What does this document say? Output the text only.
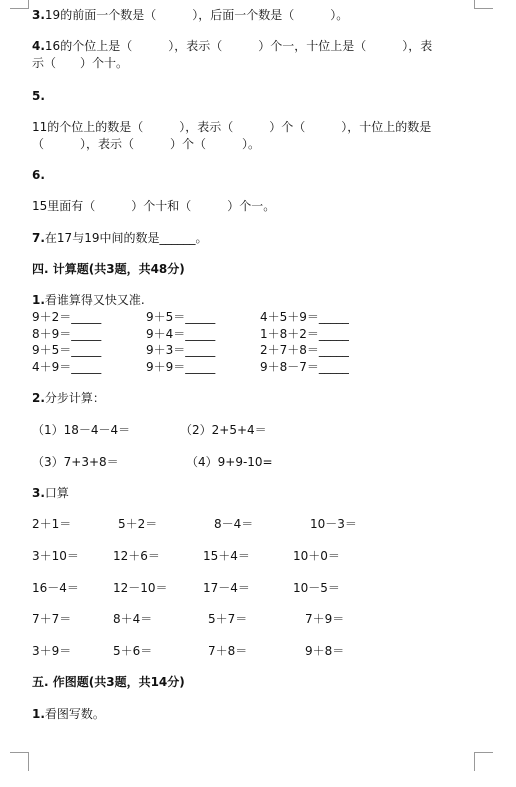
3.19的前面一个数是（　　　），后面一个数是（　　　）。
4.16的个位上是（　　　），表示（　　　）个一，十位上是（　　　），表
示（　　）个十。
5.
11的个位上的数是（　　　），表示（　　　）个（　　　），十位上的数是
（　　　），表示（　　　）个（　　　）。
6.
15里面有（　　　）个十和（　　　）个一。
7.在17与19中间的数是______。
四. 计算题(共3题，共48分)
1.看谁算得又快又准.
9＋2＝_____	9＋5＝_____	4＋5＋9＝_____
8＋9＝_____	9＋4＝_____	1＋8＋2＝_____
9＋5＝_____	9＋3＝_____	2＋7＋8＝_____
4＋9＝_____	9＋9＝_____	9＋8－7＝_____
2.分步计算：
（1）18－4－4＝	（2）2+5+4＝
（3）7+3+8＝	（4）9+9-10=
3.口算
2＋1＝	5＋2＝	8－4＝	10－3＝
3＋10＝	12＋6＝	15＋4＝	10＋0＝
16－4＝	12－10＝	17－4＝	10－5＝
7＋7＝	8＋4＝	5＋7＝	7＋9＝
3＋9＝	5＋6＝	7＋8＝	9＋8＝
五. 作图题(共3题，共14分)
1.看图写数。
